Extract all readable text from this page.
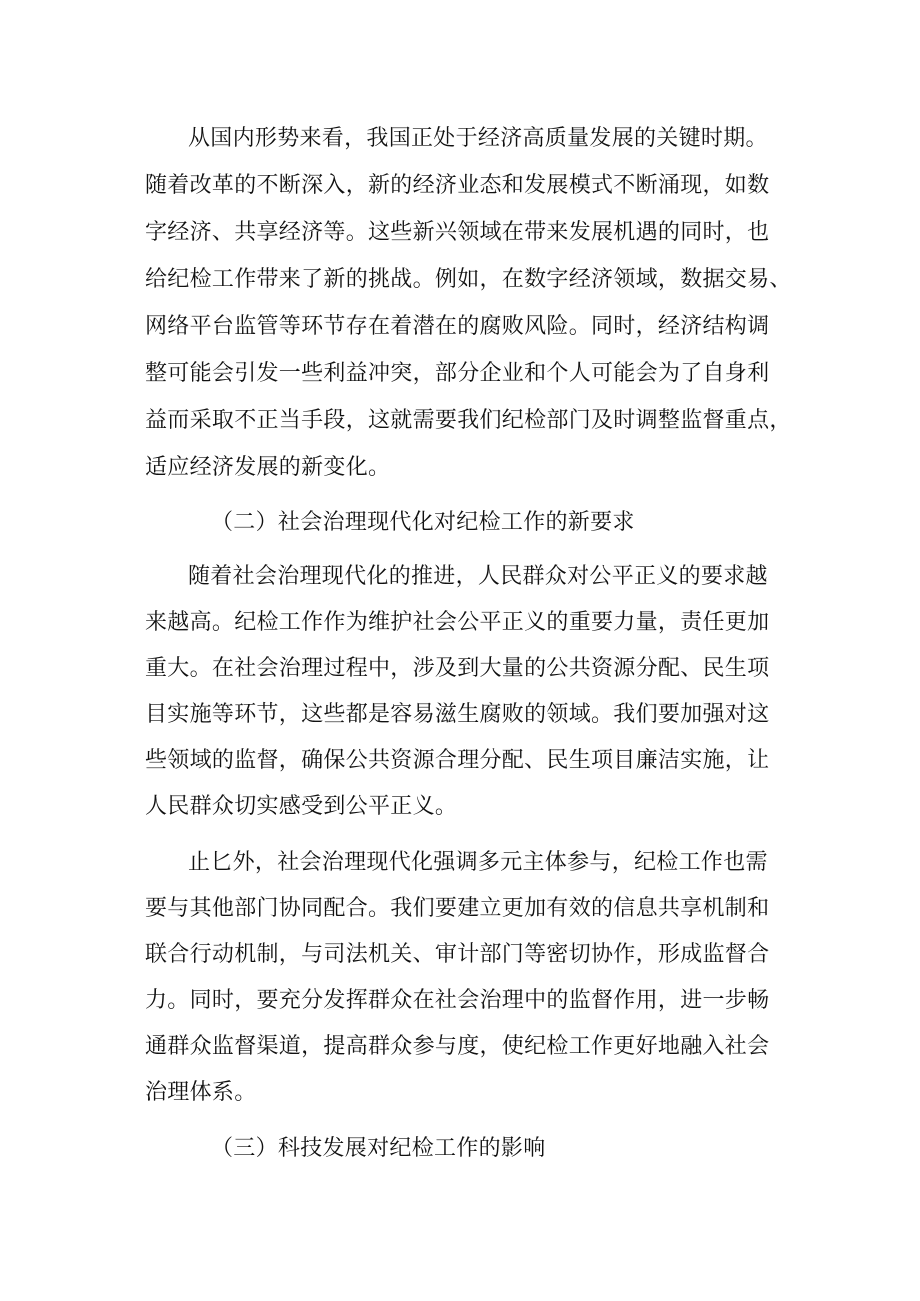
从国内形势来看，我国正处于经济高质量发展的关键时期。
随着改革的不断深入，新的经济业态和发展模式不断涌现，如数
字经济、共享经济等。这些新兴领域在带来发展机遇的同时，也
给纪检工作带来了新的挑战。例如，在数字经济领域，数据交易、
网络平台监管等环节存在着潜在的腐败风险。同时，经济结构调
整可能会引发一些利益冲突，部分企业和个人可能会为了自身利
益而采取不正当手段，这就需要我们纪检部门及时调整监督重点，
适应经济发展的新变化。
（二）社会治理现代化对纪检工作的新要求
随着社会治理现代化的推进，人民群众对公平正义的要求越
来越高。纪检工作作为维护社会公平正义的重要力量，责任更加
重大。在社会治理过程中，涉及到大量的公共资源分配、民生项
目实施等环节，这些都是容易滋生腐败的领域。我们要加强对这
些领域的监督，确保公共资源合理分配、民生项目廉洁实施，让
人民群众切实感受到公平正义。
止匕外，社会治理现代化强调多元主体参与，纪检工作也需
要与其他部门协同配合。我们要建立更加有效的信息共享机制和
联合行动机制，与司法机关、审计部门等密切协作，形成监督合
力。同时，要充分发挥群众在社会治理中的监督作用，进一步畅
通群众监督渠道，提高群众参与度，使纪检工作更好地融入社会
治理体系。
（三）科技发展对纪检工作的影响
